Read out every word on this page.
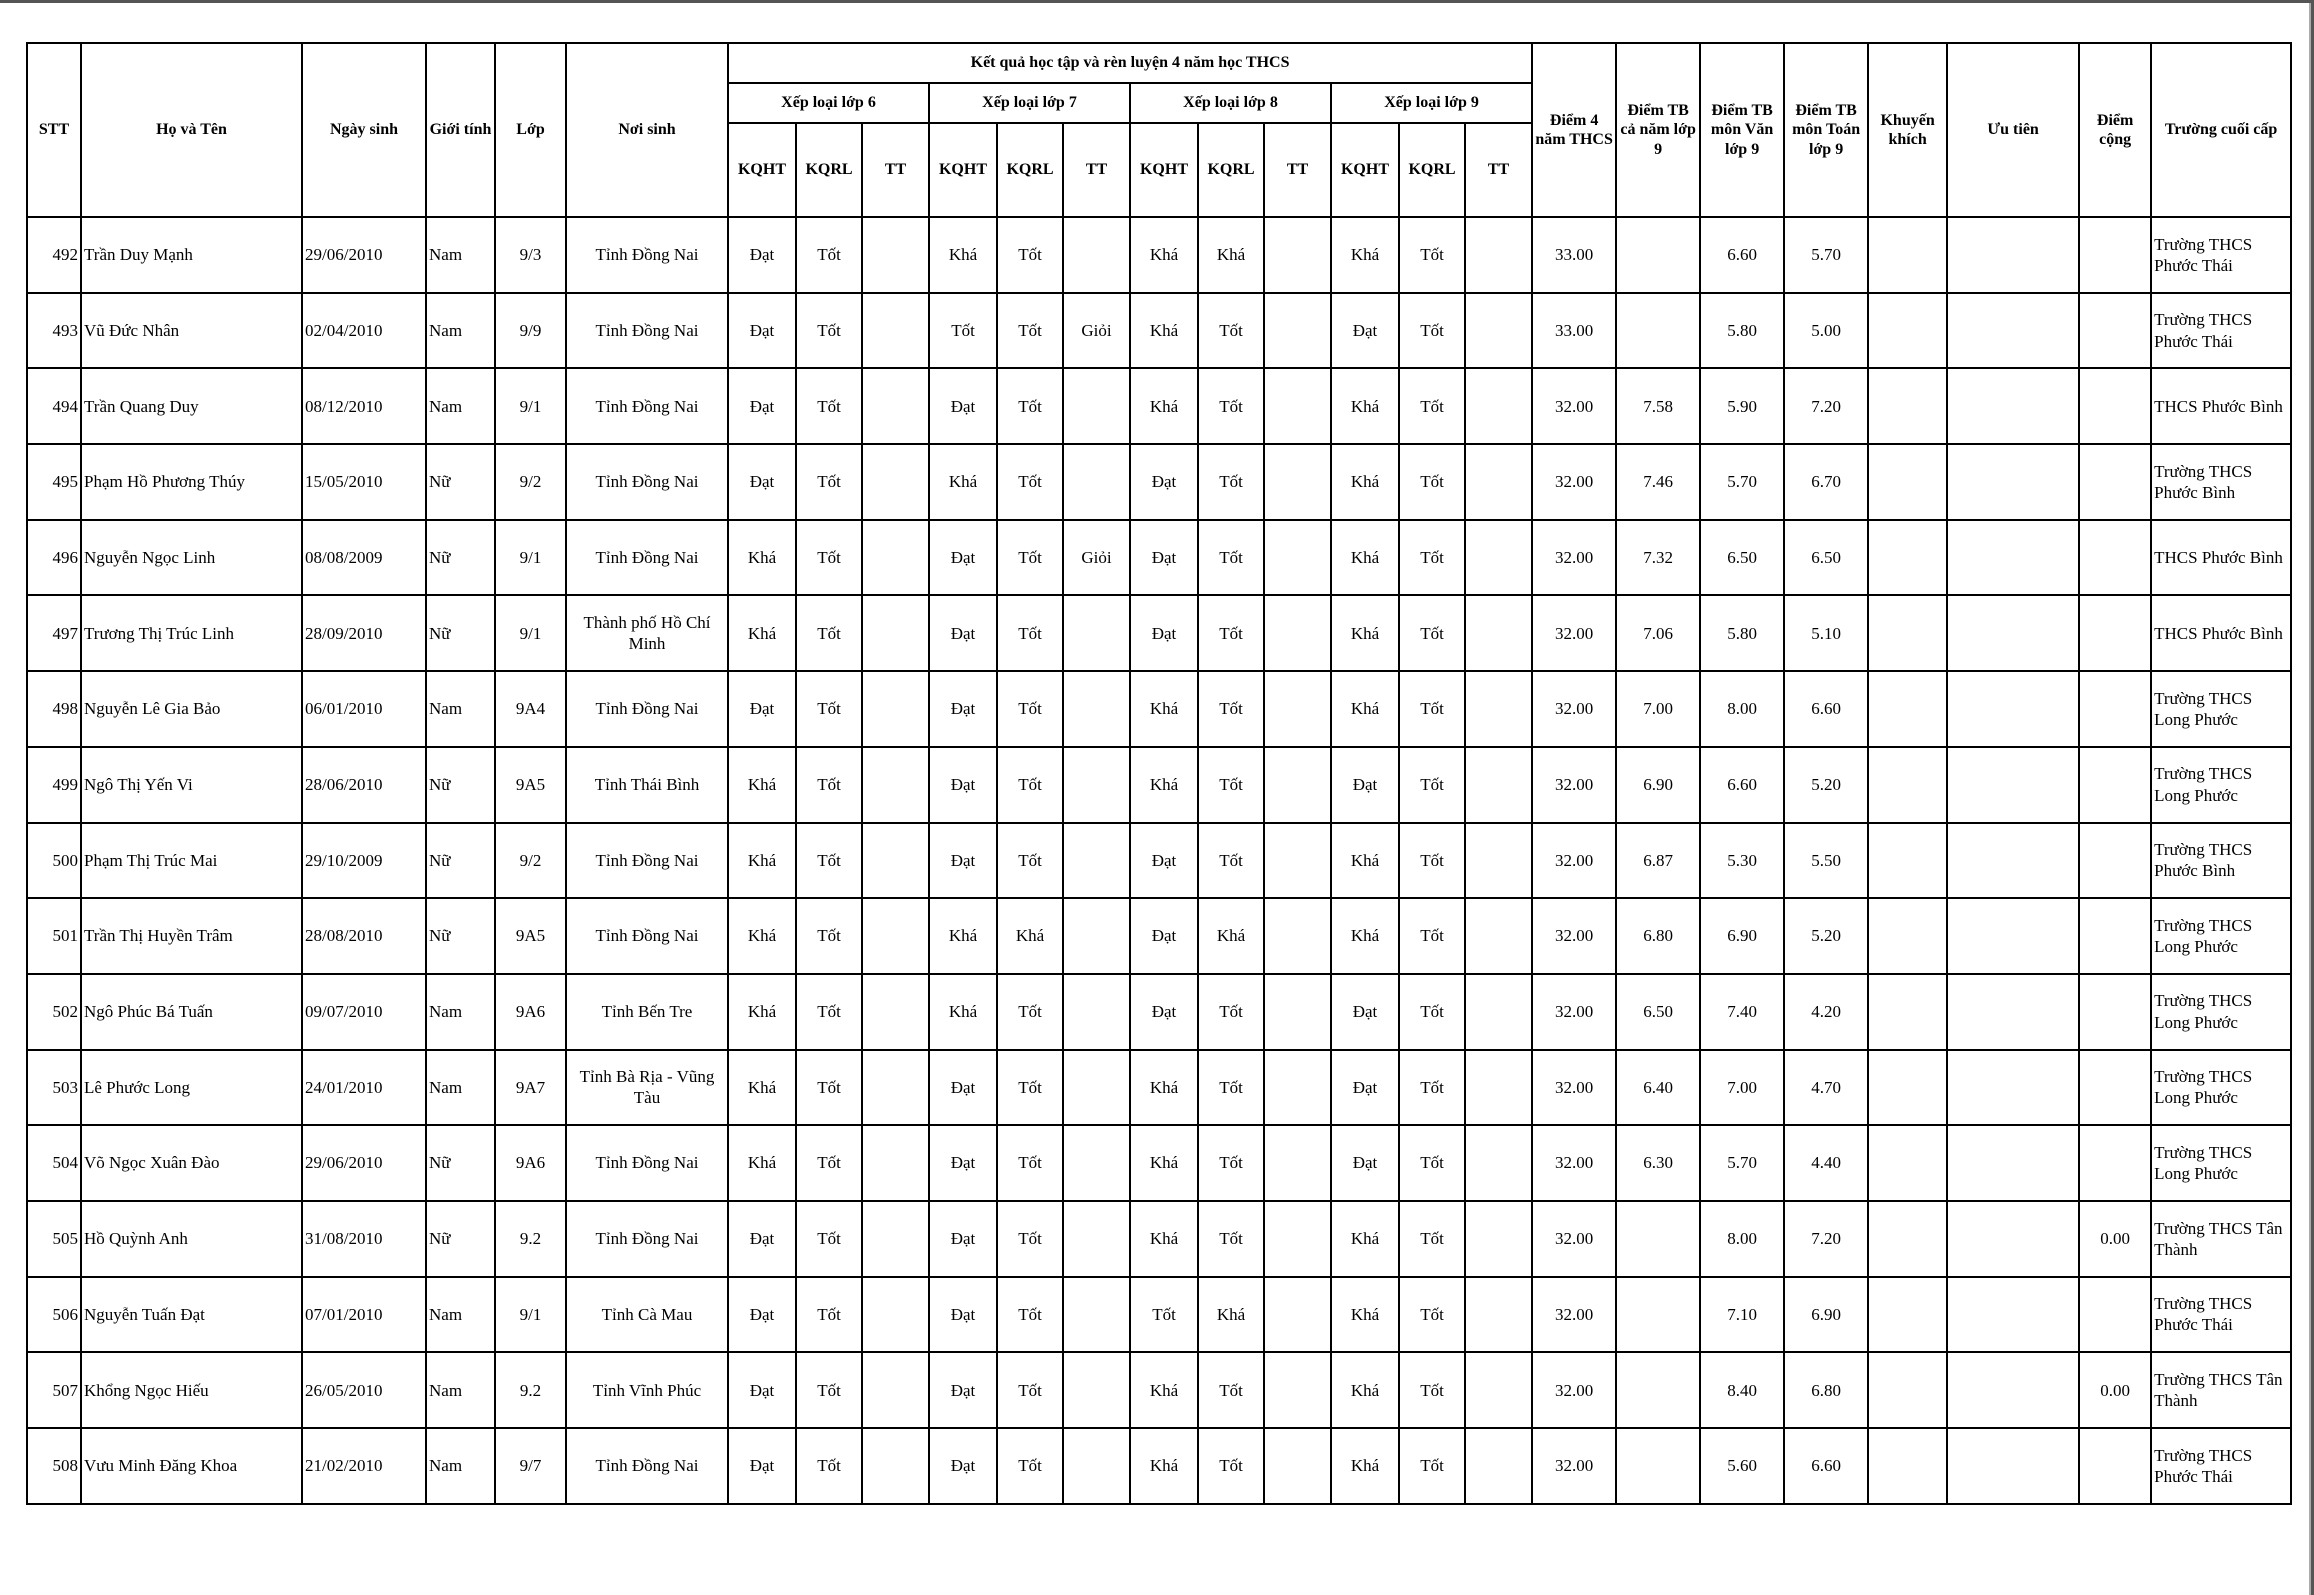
STT	Họ và Tên	Ngày sinh	Giới tính	Lớp	Nơi sinh	Kết quả học tập và rèn luyện 4 năm học THCS												Điểm 4 năm THCS	Điểm TB cả năm lớp 9	Điểm TB môn Văn lớp 9	Điểm TB môn Toán lớp 9	Khuyến khích	Ưu tiên	Điểm cộng	Trường cuối cấp
						Xếp loại lớp 6			Xếp loại lớp 7			Xếp loại lớp 8			Xếp loại lớp 9										
						KQHT	KQRL	TT	KQHT	KQRL	TT	KQHT	KQRL	TT	KQHT	KQRL	TT								
492	Trần Duy Mạnh	29/06/2010	Nam	9/3	Tỉnh Đồng Nai	Đạt	Tốt		Khá	Tốt		Khá	Khá		Khá	Tốt		33.00		6.60	5.70				Trường THCS Phước Thái
493	Vũ Đức Nhân	02/04/2010	Nam	9/9	Tỉnh Đồng Nai	Đạt	Tốt		Tốt	Tốt	Giỏi	Khá	Tốt		Đạt	Tốt		33.00		5.80	5.00				Trường THCS Phước Thái
494	Trần Quang Duy	08/12/2010	Nam	9/1	Tỉnh Đồng Nai	Đạt	Tốt		Đạt	Tốt		Khá	Tốt		Khá	Tốt		32.00	7.58	5.90	7.20				THCS Phước Bình
495	Phạm Hồ Phương Thúy	15/05/2010	Nữ	9/2	Tỉnh Đồng Nai	Đạt	Tốt		Khá	Tốt		Đạt	Tốt		Khá	Tốt		32.00	7.46	5.70	6.70				Trường THCS Phước Bình
496	Nguyễn Ngọc Linh	08/08/2009	Nữ	9/1	Tỉnh Đồng Nai	Khá	Tốt		Đạt	Tốt	Giỏi	Đạt	Tốt		Khá	Tốt		32.00	7.32	6.50	6.50				THCS Phước Bình
497	Trương Thị Trúc Linh	28/09/2010	Nữ	9/1	Thành phố Hồ Chí Minh	Khá	Tốt		Đạt	Tốt		Đạt	Tốt		Khá	Tốt		32.00	7.06	5.80	5.10				THCS Phước Bình
498	Nguyễn Lê Gia Bảo	06/01/2010	Nam	9A4	Tỉnh Đồng Nai	Đạt	Tốt		Đạt	Tốt		Khá	Tốt		Khá	Tốt		32.00	7.00	8.00	6.60				Trường THCS Long Phước
499	Ngô Thị Yến Vi	28/06/2010	Nữ	9A5	Tỉnh Thái Bình	Khá	Tốt		Đạt	Tốt		Khá	Tốt		Đạt	Tốt		32.00	6.90	6.60	5.20				Trường THCS Long Phước
500	Phạm Thị Trúc Mai	29/10/2009	Nữ	9/2	Tỉnh Đồng Nai	Khá	Tốt		Đạt	Tốt		Đạt	Tốt		Khá	Tốt		32.00	6.87	5.30	5.50				Trường THCS Phước Bình
501	Trần Thị Huyền Trâm	28/08/2010	Nữ	9A5	Tỉnh Đồng Nai	Khá	Tốt		Khá	Khá		Đạt	Khá		Khá	Tốt		32.00	6.80	6.90	5.20				Trường THCS Long Phước
502	Ngô Phúc Bá Tuấn	09/07/2010	Nam	9A6	Tỉnh Bến Tre	Khá	Tốt		Khá	Tốt		Đạt	Tốt		Đạt	Tốt		32.00	6.50	7.40	4.20				Trường THCS Long Phước
503	Lê Phước Long	24/01/2010	Nam	9A7	Tỉnh Bà Rịa - Vũng Tàu	Khá	Tốt		Đạt	Tốt		Khá	Tốt		Đạt	Tốt		32.00	6.40	7.00	4.70				Trường THCS Long Phước
504	Võ Ngọc Xuân Đào	29/06/2010	Nữ	9A6	Tỉnh Đồng Nai	Khá	Tốt		Đạt	Tốt		Khá	Tốt		Đạt	Tốt		32.00	6.30	5.70	4.40				Trường THCS Long Phước
505	Hồ Quỳnh Anh	31/08/2010	Nữ	9.2	Tỉnh Đồng Nai	Đạt	Tốt		Đạt	Tốt		Khá	Tốt		Khá	Tốt		32.00		8.00	7.20			0.00	Trường THCS Tân Thành
506	Nguyễn Tuấn Đạt	07/01/2010	Nam	9/1	Tỉnh Cà Mau	Đạt	Tốt		Đạt	Tốt		Tốt	Khá		Khá	Tốt		32.00		7.10	6.90				Trường THCS Phước Thái
507	Khổng Ngọc Hiếu	26/05/2010	Nam	9.2	Tỉnh Vĩnh Phúc	Đạt	Tốt		Đạt	Tốt		Khá	Tốt		Khá	Tốt		32.00		8.40	6.80			0.00	Trường THCS Tân Thành
508	Vưu Minh Đăng Khoa	21/02/2010	Nam	9/7	Tỉnh Đồng Nai	Đạt	Tốt		Đạt	Tốt		Khá	Tốt		Khá	Tốt		32.00		5.60	6.60				Trường THCS Phước Thái
